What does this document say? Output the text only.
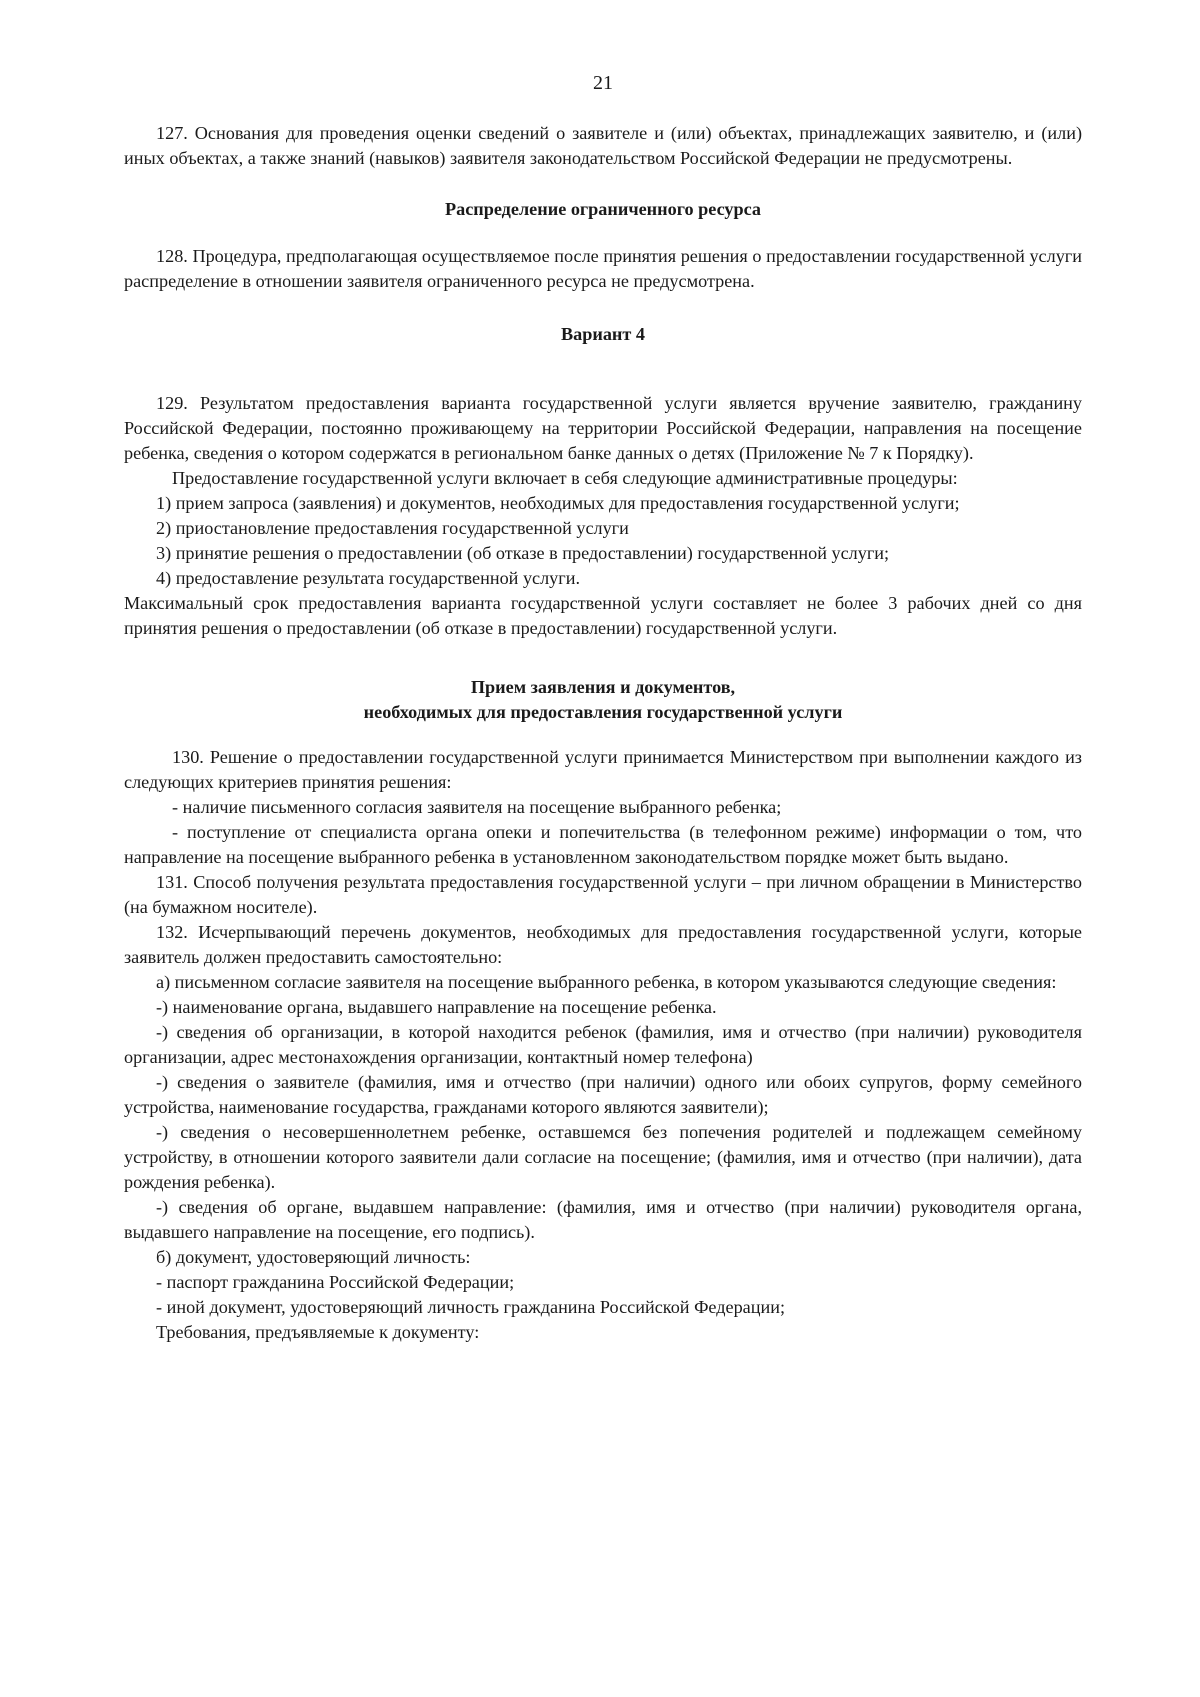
21

127. Основания для проведения оценки сведений о заявителе и (или) объектах, принадлежащих заявителю, и (или) иных объектах, а также знаний (навыков) заявителя законодательством Российской Федерации не предусмотрены.

Распределение ограниченного ресурса

128. Процедура, предполагающая осуществляемое после принятия решения о предоставлении государственной услуги распределение в отношении заявителя ограниченного ресурса не предусмотрена.

Вариант 4

129. Результатом предоставления варианта государственной услуги является вручение заявителю, гражданину Российской Федерации, постоянно проживающему на территории Российской Федерации, направления на посещение ребенка, сведения о котором содержатся в региональном банке данных о детях (Приложение № 7 к Порядку).

Предоставление государственной услуги включает в себя следующие административные процедуры:

1) прием запроса (заявления) и документов, необходимых для предоставления государственной услуги;

2) приостановление предоставления государственной услуги

3) принятие решения о предоставлении (об отказе в предоставлении) государственной услуги;

4) предоставление результата государственной услуги.

Максимальный срок предоставления варианта государственной услуги составляет не более 3 рабочих дней со дня принятия решения о предоставлении (об отказе в предоставлении) государственной услуги.

Прием заявления и документов,
необходимых для предоставления государственной услуги

130. Решение о предоставлении государственной услуги принимается Министерством при выполнении каждого из следующих критериев принятия решения:

- наличие письменного согласия заявителя на посещение выбранного ребенка;

- поступление от специалиста органа опеки и попечительства (в телефонном режиме) информации о том, что направление на посещение выбранного ребенка в установленном законодательством порядке может быть выдано.

131. Способ получения результата предоставления государственной услуги – при личном обращении в Министерство (на бумажном носителе).

132. Исчерпывающий перечень документов, необходимых для предоставления государственной услуги, которые заявитель должен предоставить самостоятельно:

а) письменном согласие заявителя на посещение выбранного ребенка, в котором указываются следующие сведения:

-) наименование органа, выдавшего направление на посещение ребенка.

-) сведения об организации, в которой находится ребенок (фамилия, имя и отчество (при наличии) руководителя организации, адрес местонахождения организации, контактный номер телефона)

-) сведения о заявителе (фамилия, имя и отчество (при наличии) одного или обоих супругов, форму семейного устройства, наименование государства, гражданами которого являются заявители);

-) сведения о несовершеннолетнем ребенке, оставшемся без попечения родителей и подлежащем семейному устройству, в отношении которого заявители дали согласие на посещение; (фамилия, имя и отчество (при наличии), дата рождения ребенка).

-) сведения об органе, выдавшем направление: (фамилия, имя и отчество (при наличии) руководителя органа, выдавшего направление на посещение, его подпись).

б) документ, удостоверяющий личность:

- паспорт гражданина Российской Федерации;

- иной документ, удостоверяющий личность гражданина Российской Федерации;

Требования, предъявляемые к документу:
